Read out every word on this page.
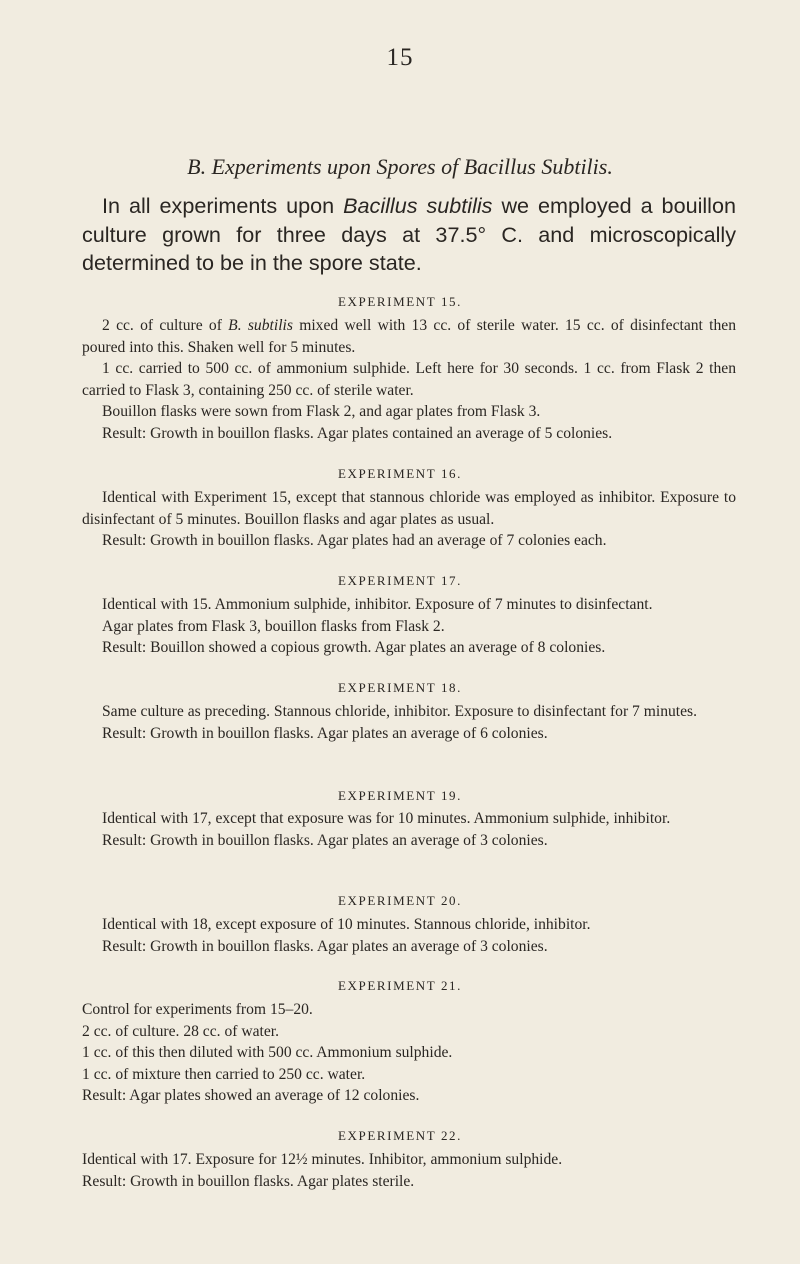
15
B. Experiments upon Spores of Bacillus Subtilis.
In all experiments upon Bacillus subtilis we employed a bouillon culture grown for three days at 37.5° C. and microscopically determined to be in the spore state.
EXPERIMENT 15.

2 cc. of culture of B. subtilis mixed well with 13 cc. of sterile water. 15 cc. of disinfectant then poured into this. Shaken well for 5 minutes.

1 cc. carried to 500 cc. of ammonium sulphide. Left here for 30 seconds. 1 cc. from Flask 2 then carried to Flask 3, containing 250 cc. of sterile water.

Bouillon flasks were sown from Flask 2, and agar plates from Flask 3.

Result: Growth in bouillon flasks. Agar plates contained an average of 5 colonies.

EXPERIMENT 16.

Identical with Experiment 15, except that stannous chloride was employed as inhibitor. Exposure to disinfectant of 5 minutes. Bouillon flasks and agar plates as usual.

Result: Growth in bouillon flasks. Agar plates had an average of 7 colonies each.

EXPERIMENT 17.

Identical with 15. Ammonium sulphide, inhibitor. Exposure of 7 minutes to disinfectant.

Agar plates from Flask 3, bouillon flasks from Flask 2.

Result: Bouillon showed a copious growth. Agar plates an average of 8 colonies.

EXPERIMENT 18.

Same culture as preceding. Stannous chloride, inhibitor. Exposure to disinfectant for 7 minutes.

Result: Growth in bouillon flasks. Agar plates an average of 6 colonies.

EXPERIMENT 19.

Identical with 17, except that exposure was for 10 minutes. Ammonium sulphide, inhibitor.

Result: Growth in bouillon flasks. Agar plates an average of 3 colonies.

EXPERIMENT 20.

Identical with 18, except exposure of 10 minutes. Stannous chloride, inhibitor.

Result: Growth in bouillon flasks. Agar plates an average of 3 colonies.

EXPERIMENT 21.

Control for experiments from 15–20.

2 cc. of culture. 28 cc. of water.

1 cc. of this then diluted with 500 cc. Ammonium sulphide.

1 cc. of mixture then carried to 250 cc. water.

Result: Agar plates showed an average of 12 colonies.

EXPERIMENT 22.

Identical with 17. Exposure for 12½ minutes. Inhibitor, ammonium sulphide.

Result: Growth in bouillon flasks. Agar plates sterile.
